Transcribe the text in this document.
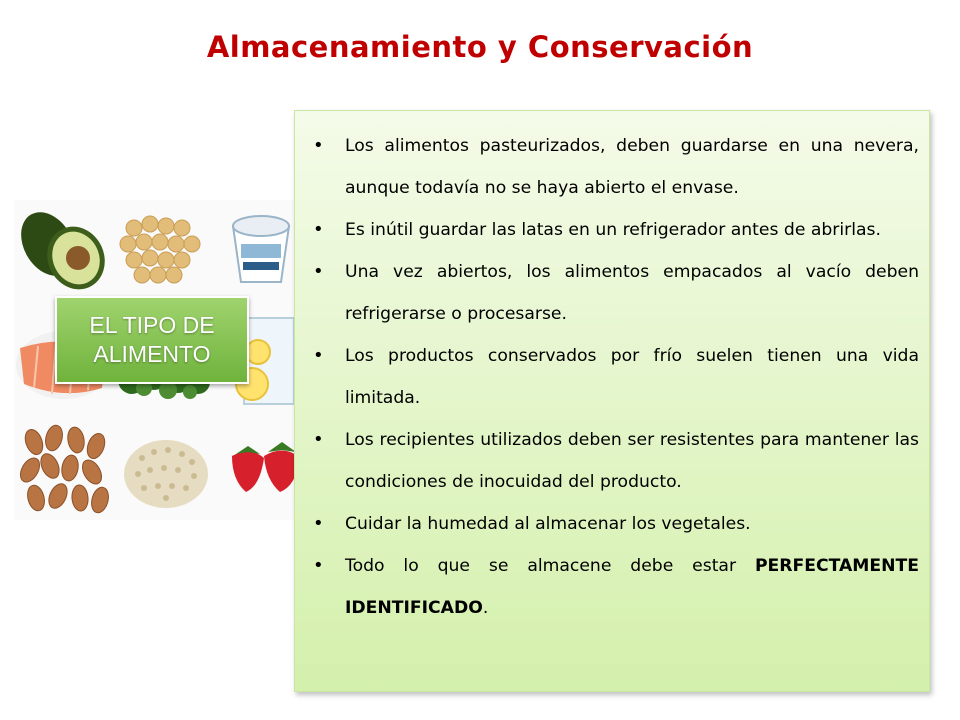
Almacenamiento y Conservación
EL TIPO DE
ALIMENTO
• Los alimentos pasteurizados, deben guardarse en una nevera, aunque todavía no se haya abierto el envase.
• Es inútil guardar las latas en un refrigerador antes de abrirlas.
• Una vez abiertos, los alimentos empacados al vacío deben refrigerarse o procesarse.
• Los productos conservados por frío suelen tienen una vida limitada.
• Los recipientes utilizados deben ser resistentes para mantener las condiciones de inocuidad del producto.
• Cuidar la humedad al almacenar los vegetales.
• Todo lo que se almacene debe estar PERFECTAMENTE IDENTIFICADO.
